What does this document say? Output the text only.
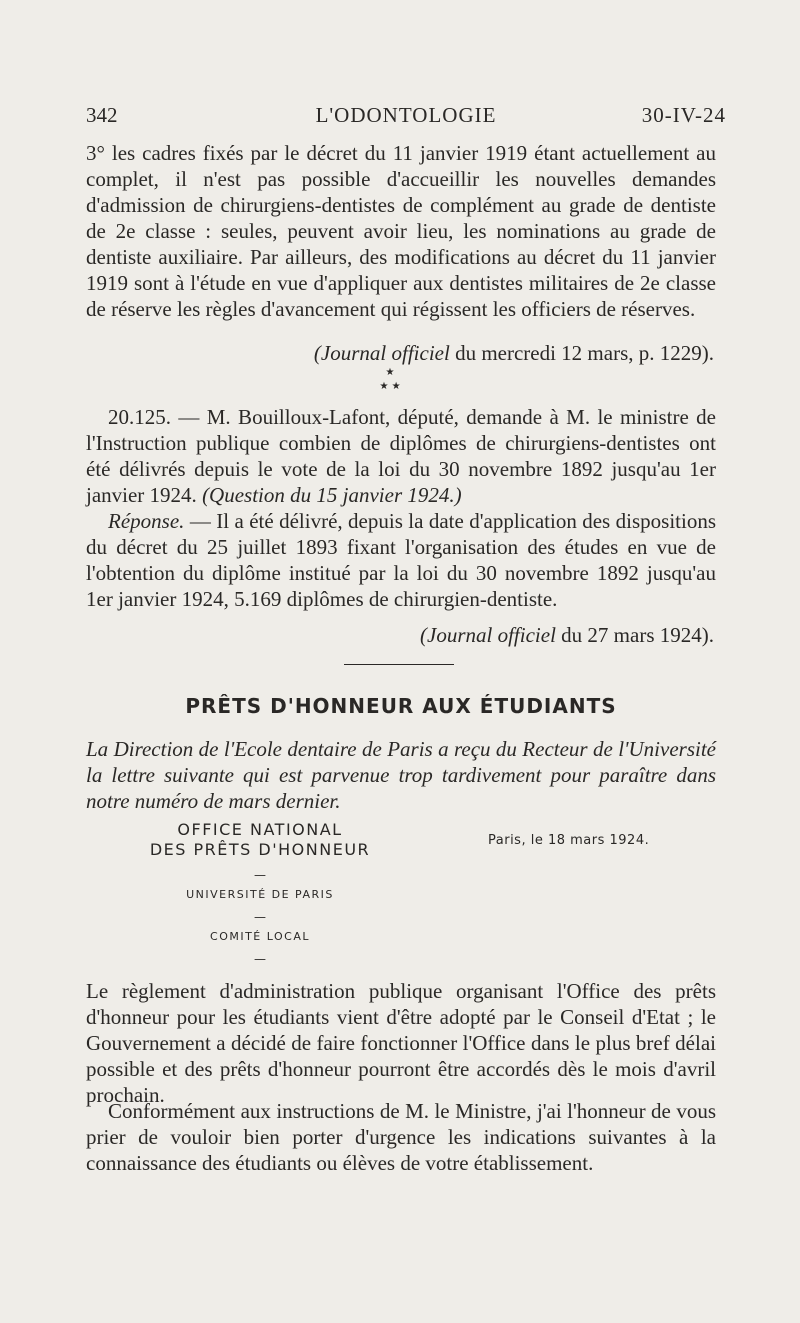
342	L'ODONTOLOGIE	30-IV-24

3° les cadres fixés par le décret du 11 janvier 1919 étant actuellement au complet, il n'est pas possible d'accueillir les nouvelles demandes d'admission de chirurgiens-dentistes de complément au grade de dentiste de 2e classe : seules, peuvent avoir lieu, les nominations au grade de dentiste auxiliaire. Par ailleurs, des modifications au décret du 11 janvier 1919 sont à l'étude en vue d'appliquer aux dentistes militaires de 2e classe de réserve les règles d'avancement qui régissent les officiers de réserves.

(Journal officiel du mercredi 12 mars, p. 1229).

★
★ ★

20.125. — M. Bouilloux-Lafont, député, demande à M. le ministre de l'Instruction publique combien de diplômes de chirurgiens-dentistes ont été délivrés depuis le vote de la loi du 30 novembre 1892 jusqu'au 1er janvier 1924. (Question du 15 janvier 1924.)
Réponse. — Il a été délivré, depuis la date d'application des dispositions du décret du 25 juillet 1893 fixant l'organisation des études en vue de l'obtention du diplôme institué par la loi du 30 novembre 1892 jusqu'au 1er janvier 1924, 5.169 diplômes de chirurgien-dentiste.

(Journal officiel du 27 mars 1924).

PRÊTS D'HONNEUR AUX ÉTUDIANTS

La Direction de l'Ecole dentaire de Paris a reçu du Recteur de l'Université la lettre suivante qui est parvenue trop tardivement pour paraître dans notre numéro de mars dernier.

OFFICE NATIONAL
DES PRÊTS D'HONNEUR
—
UNIVERSITÉ DE PARIS
—
COMITÉ LOCAL
—
Paris, le 18 mars 1924.

Le règlement d'administration publique organisant l'Office des prêts d'honneur pour les étudiants vient d'être adopté par le Conseil d'Etat ; le Gouvernement a décidé de faire fonctionner l'Office dans le plus bref délai possible et des prêts d'honneur pourront être accordés dès le mois d'avril prochain.

Conformément aux instructions de M. le Ministre, j'ai l'honneur de vous prier de vouloir bien porter d'urgence les indications suivantes à la connaissance des étudiants ou élèves de votre établissement.
